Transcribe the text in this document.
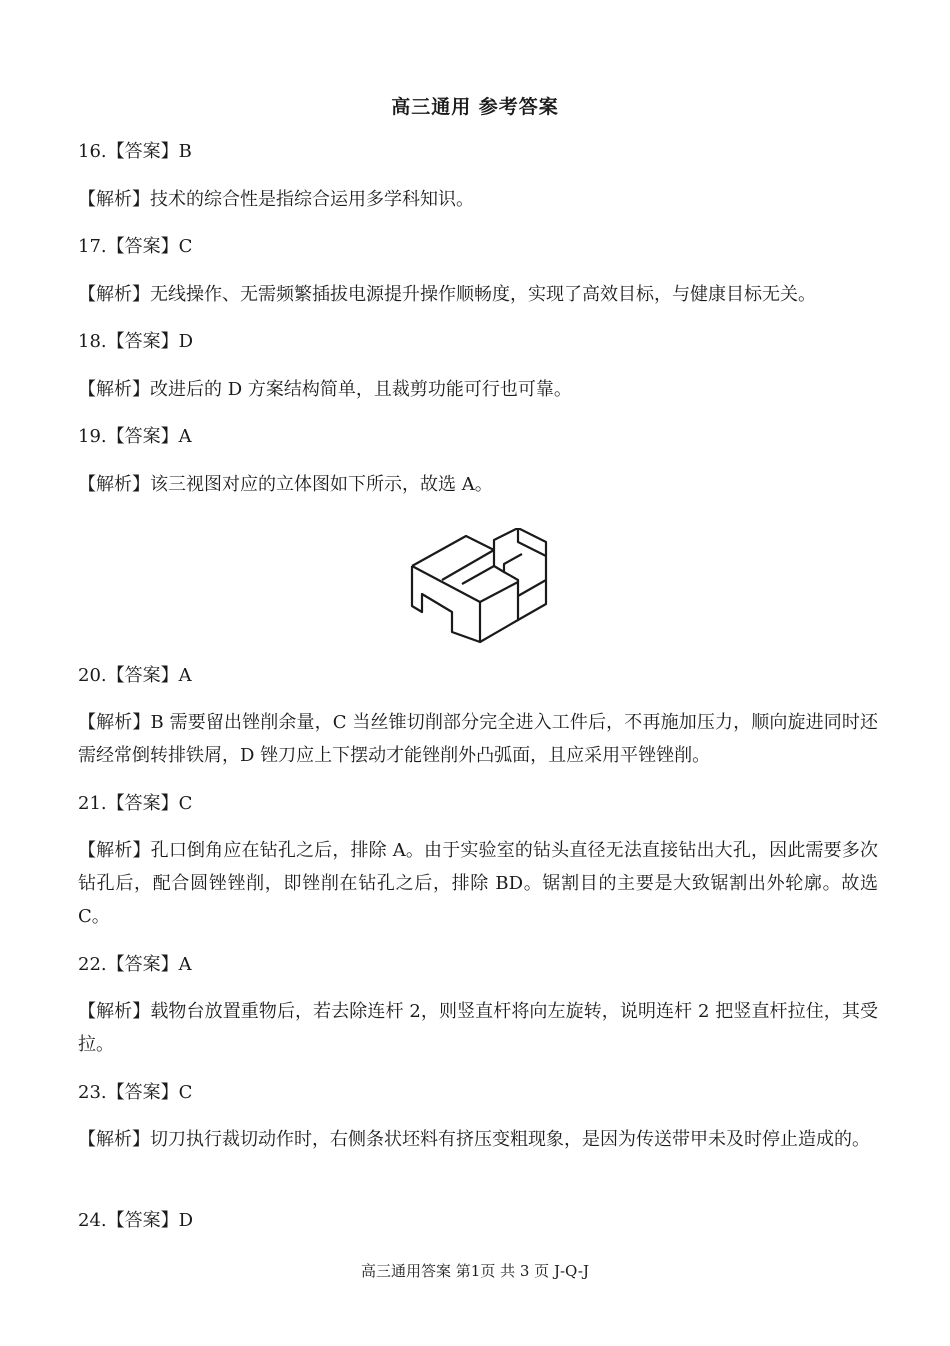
高三通用 参考答案
16.【答案】B
【解析】技术的综合性是指综合运用多学科知识。
17.【答案】C
【解析】无线操作、无需频繁插拔电源提升操作顺畅度，实现了高效目标，与健康目标无关。
18.【答案】D
【解析】改进后的 D 方案结构简单，且裁剪功能可行也可靠。
19.【答案】A
【解析】该三视图对应的立体图如下所示，故选 A。
20.【答案】A
【解析】B 需要留出锉削余量，C 当丝锥切削部分完全进入工件后，不再施加压力，顺向旋进同时还需经常倒转排铁屑，D 锉刀应上下摆动才能锉削外凸弧面，且应采用平锉锉削。
21.【答案】C
【解析】孔口倒角应在钻孔之后，排除 A。由于实验室的钻头直径无法直接钻出大孔，因此需要多次钻孔后，配合圆锉锉削，即锉削在钻孔之后，排除 BD。锯割目的主要是大致锯割出外轮廓。故选 C。
22.【答案】A
【解析】载物台放置重物后，若去除连杆 2，则竖直杆将向左旋转，说明连杆 2 把竖直杆拉住，其受拉。
23.【答案】C
【解析】切刀执行裁切动作时，右侧条状坯料有挤压变粗现象，是因为传送带甲未及时停止造成的。
24.【答案】D
高三通用答案 第1页 共 3 页 J-Q-J
